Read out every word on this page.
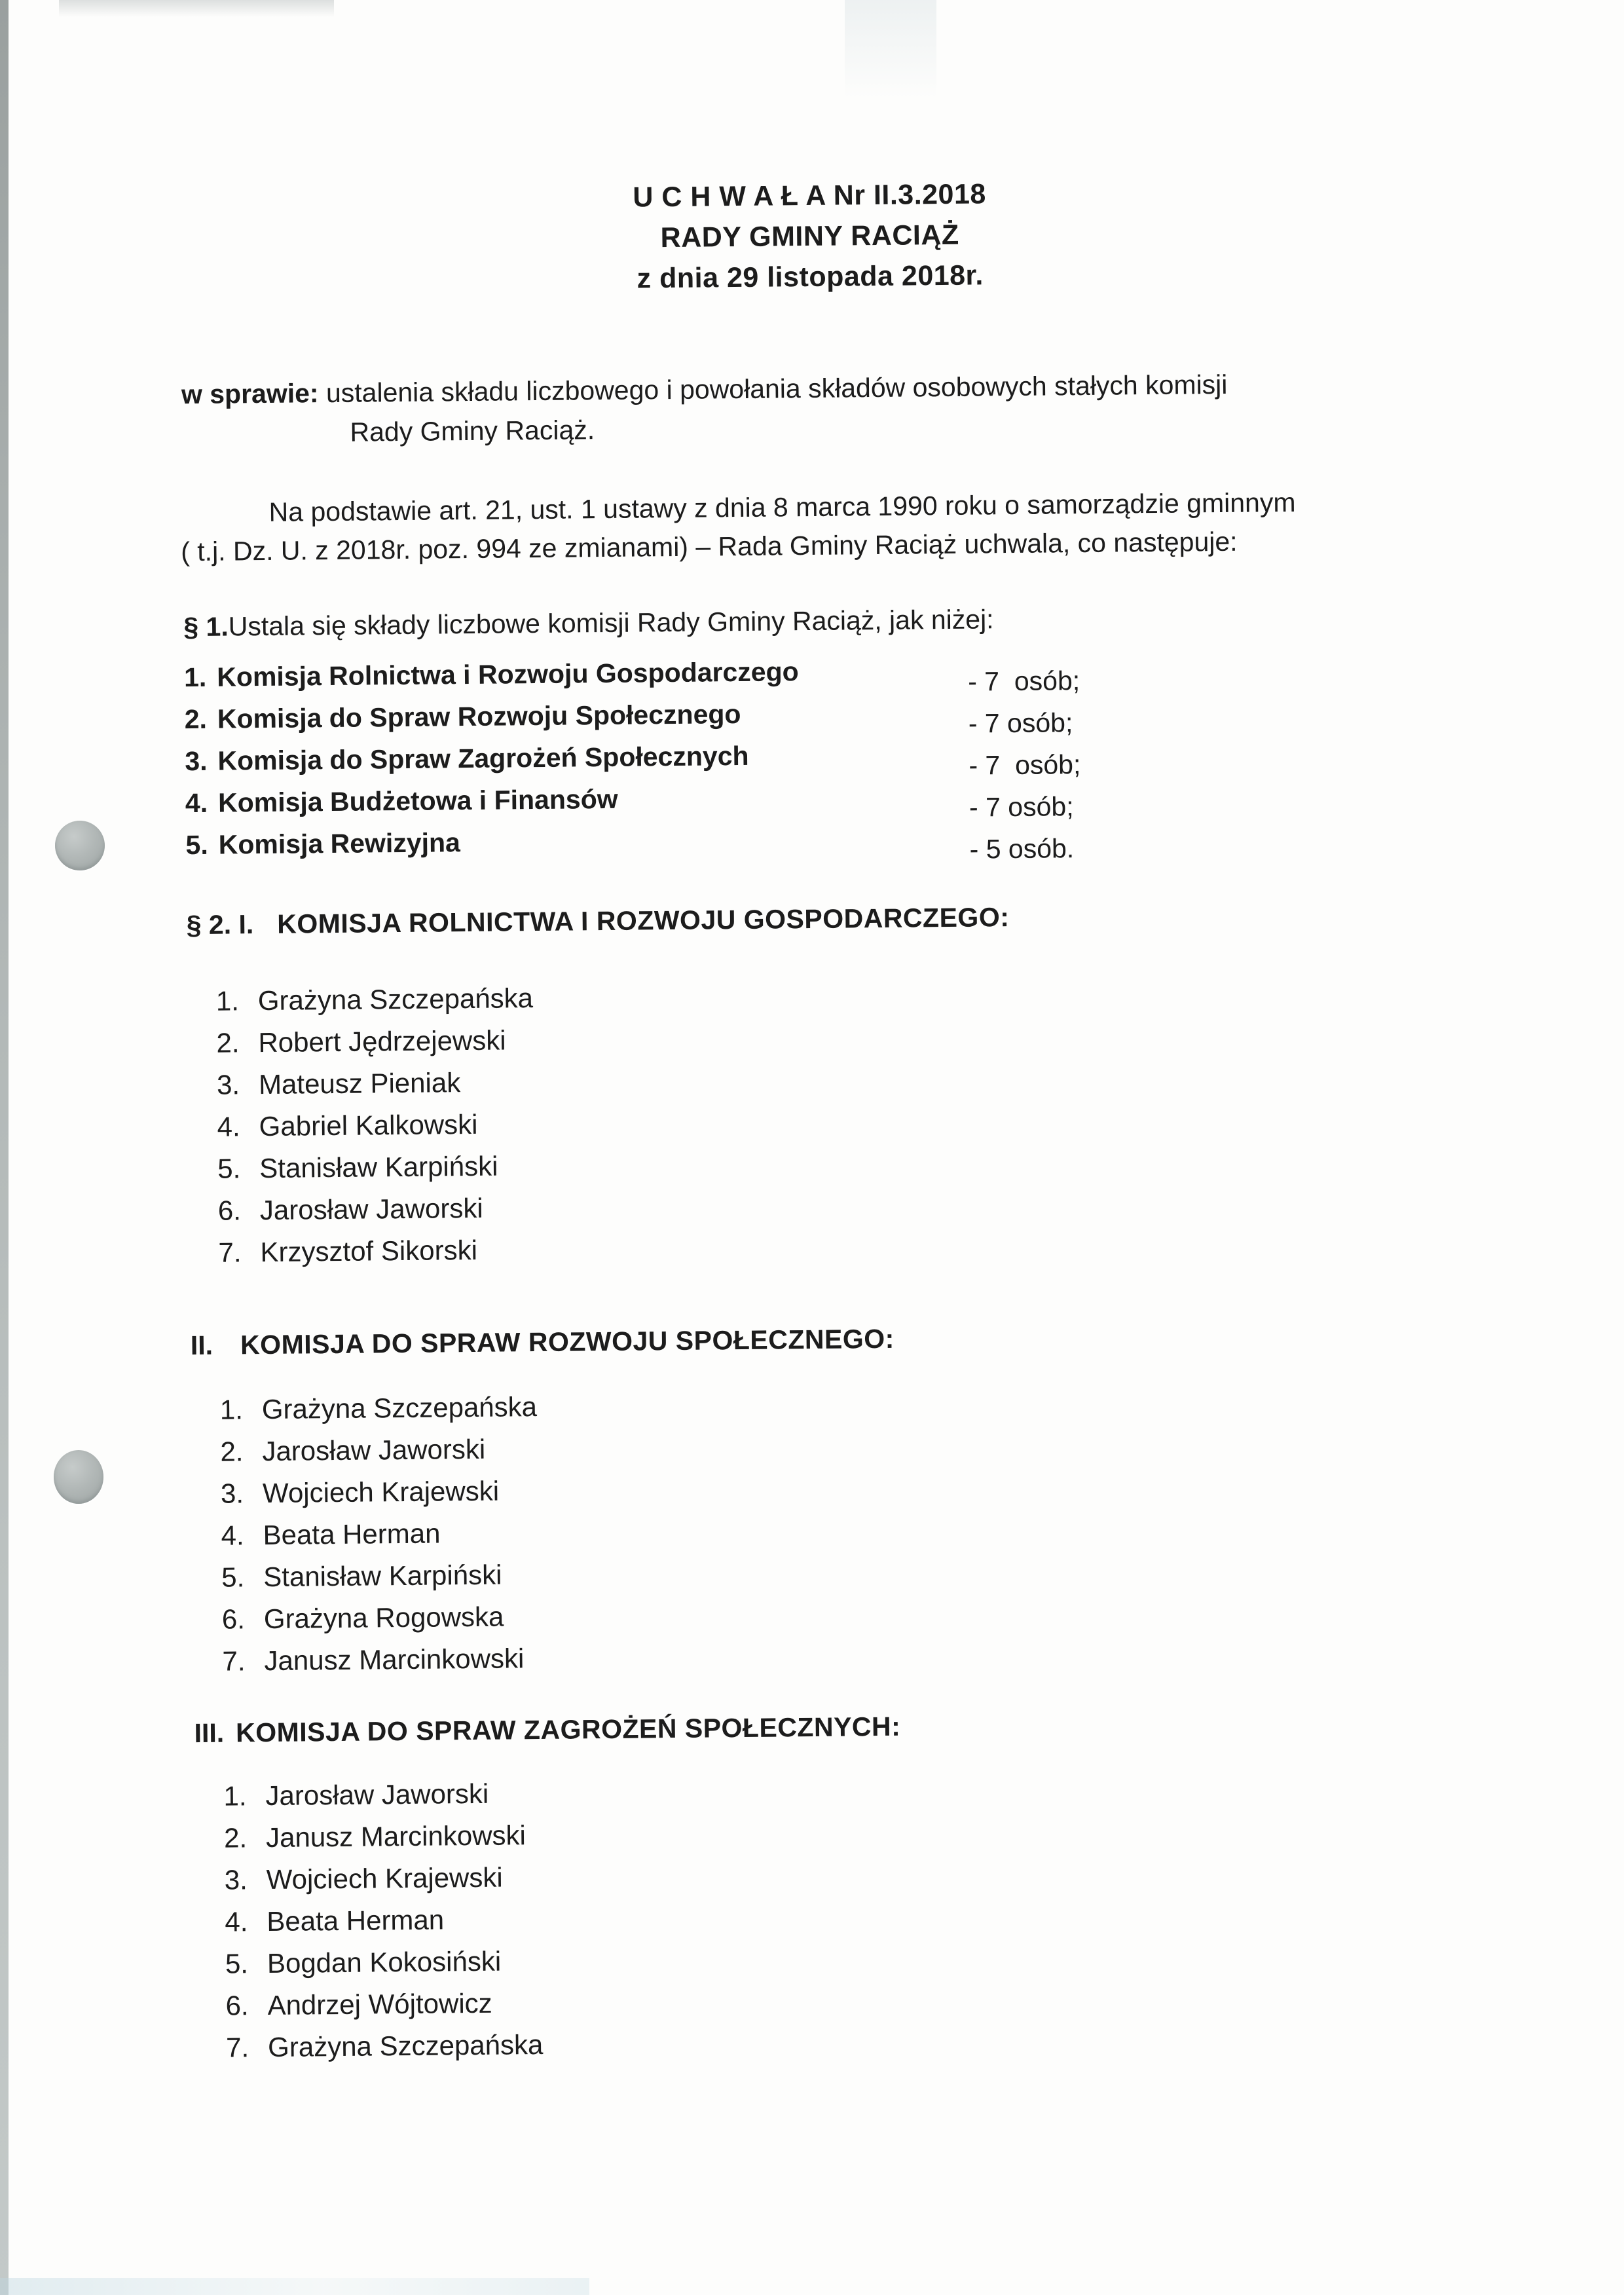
U C H W A Ł A Nr II.3.2018
RADY GMINY RACIĄŻ
z dnia 29 listopada 2018r.

w sprawie: ustalenia składu liczbowego i powołania składów osobowych stałych komisji
Rady Gminy Raciąż.

Na podstawie art. 21, ust. 1 ustawy z dnia 8 marca 1990 roku o samorządzie gminnym
( t.j. Dz. U. z 2018r. poz. 994 ze zmianami) – Rada Gminy Raciąż uchwala, co następuje:

§ 1.Ustala się składy liczbowe komisji Rady Gminy Raciąż, jak niżej:

1. Komisja Rolnictwa i Rozwoju Gospodarczego	- 7  osób;
2. Komisja do Spraw Rozwoju Społecznego	- 7 osób;
3. Komisja do Spraw Zagrożeń Społecznych	- 7  osób;
4. Komisja Budżetowa i Finansów	- 7 osób;
5. Komisja Rewizyjna	- 5 osób.
§ 2. I. KOMISJA ROLNICTWA I ROZWOJU GOSPODARCZEGO:
1. Grażyna Szczepańska
2. Robert Jędrzejewski
3. Mateusz Pieniak
4. Gabriel Kalkowski
5. Stanisław Karpiński
6. Jarosław Jaworski
7. Krzysztof Sikorski
II. KOMISJA DO SPRAW ROZWOJU SPOŁECZNEGO:
1. Grażyna Szczepańska
2. Jarosław Jaworski
3. Wojciech Krajewski
4. Beata Herman
5. Stanisław Karpiński
6. Grażyna Rogowska
7. Janusz Marcinkowski
III. KOMISJA DO SPRAW ZAGROŻEŃ SPOŁECZNYCH:
1. Jarosław Jaworski
2. Janusz Marcinkowski
3. Wojciech Krajewski
4. Beata Herman
5. Bogdan Kokosiński
6. Andrzej Wójtowicz
7. Grażyna Szczepańska
